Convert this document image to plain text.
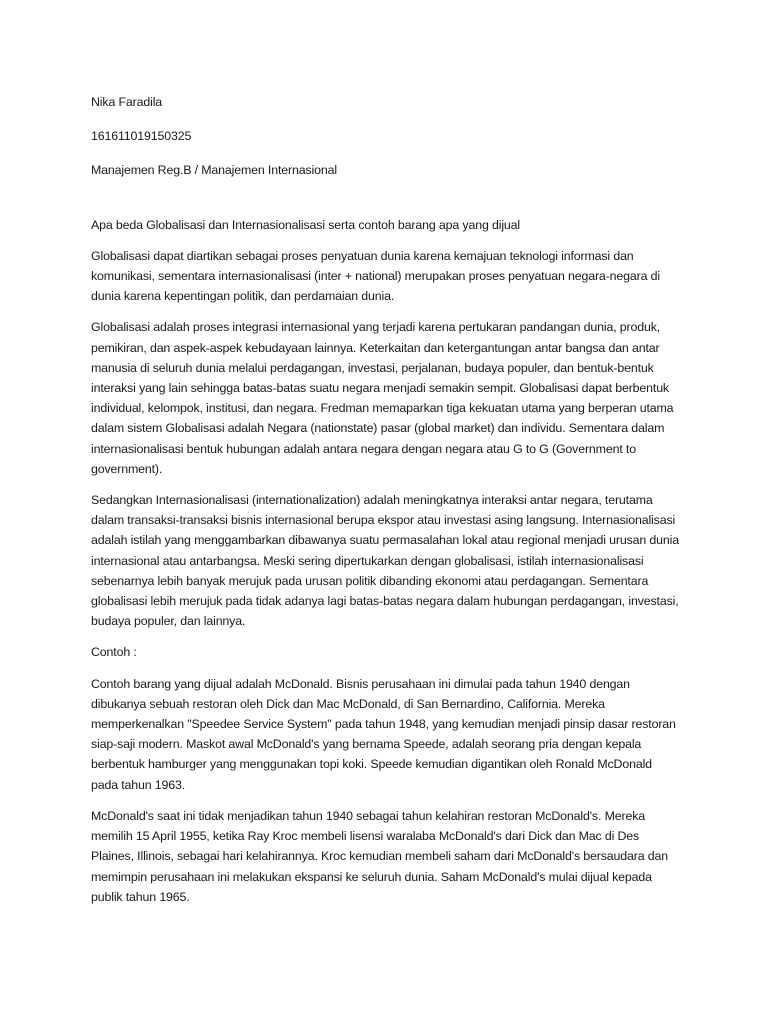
Nika Faradila

161611019150325

Manajemen Reg.B / Manajemen Internasional

Apa beda Globalisasi dan Internasionalisasi serta contoh barang apa yang dijual

Globalisasi dapat diartikan sebagai proses penyatuan dunia karena kemajuan teknologi informasi dan komunikasi, sementara internasionalisasi (inter + national) merupakan proses penyatuan negara-negara di dunia karena kepentingan politik, dan perdamaian dunia.

Globalisasi adalah proses integrasi internasional yang terjadi karena pertukaran pandangan dunia, produk, pemikiran, dan aspek-aspek kebudayaan lainnya. Keterkaitan dan ketergantungan antar bangsa dan antar manusia di seluruh dunia melalui perdagangan, investasi, perjalanan, budaya populer, dan bentuk-bentuk interaksi yang lain sehingga batas-batas suatu negara menjadi semakin sempit. Globalisasi dapat berbentuk individual, kelompok, institusi, dan negara. Fredman memaparkan tiga kekuatan utama yang berperan utama dalam sistem Globalisasi adalah Negara (nationstate) pasar (global market) dan individu. Sementara dalam internasionalisasi bentuk hubungan adalah antara negara dengan negara atau G to G (Government to government).

Sedangkan Internasionalisasi (internationalization) adalah meningkatnya interaksi antar negara, terutama dalam transaksi-transaksi bisnis internasional berupa ekspor atau investasi asing langsung. Internasionalisasi adalah istilah yang menggambarkan dibawanya suatu permasalahan lokal atau regional menjadi urusan dunia internasional atau antarbangsa. Meski sering dipertukarkan dengan globalisasi, istilah internasionalisasi sebenarnya lebih banyak merujuk pada urusan politik dibanding ekonomi atau perdagangan. Sementara globalisasi lebih merujuk pada tidak adanya lagi batas-batas negara dalam hubungan perdagangan, investasi, budaya populer, dan lainnya.

Contoh :

Contoh barang yang dijual adalah McDonald. Bisnis perusahaan ini dimulai pada tahun 1940 dengan dibukanya sebuah restoran oleh Dick dan Mac McDonald, di San Bernardino, California. Mereka memperkenalkan "Speedee Service System" pada tahun 1948, yang kemudian menjadi pinsip dasar restoran siap-saji modern. Maskot awal McDonald's yang bernama Speede, adalah seorang pria dengan kepala berbentuk hamburger yang menggunakan topi koki. Speede kemudian digantikan oleh Ronald McDonald pada tahun 1963.

McDonald's saat ini tidak menjadikan tahun 1940 sebagai tahun kelahiran restoran McDonald's. Mereka memilih 15 April 1955, ketika Ray Kroc membeli lisensi waralaba McDonald's dari Dick dan Mac di Des Plaines, Illinois, sebagai hari kelahirannya. Kroc kemudian membeli saham dari McDonald's bersaudara dan memimpin perusahaan ini melakukan ekspansi ke seluruh dunia. Saham McDonald's mulai dijual kepada publik tahun 1965.
